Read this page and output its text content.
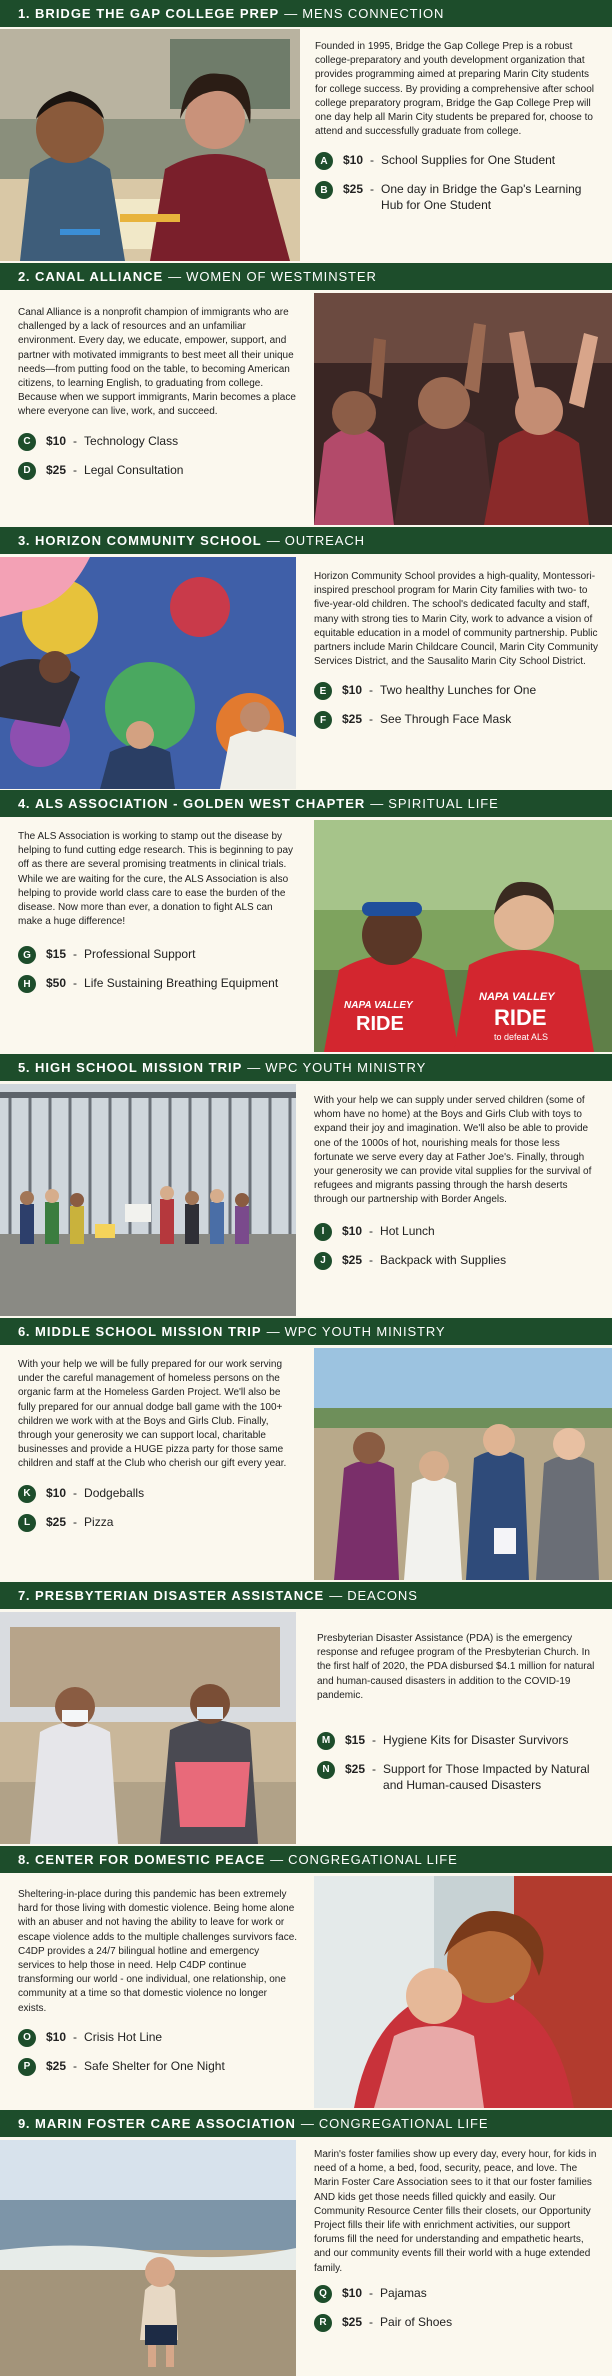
1. BRIDGE THE GAP COLLEGE PREP — MENS CONNECTION

Founded in 1995, Bridge the Gap College Prep is a robust college-preparatory and youth development organization that provides programming aimed at preparing Marin City students for college success. By providing a comprehensive after school college preparatory program, Bridge the Gap College Prep will one day help all Marin City students be prepared for, choose to attend and successfully graduate from college.

A	$10 - School Supplies for One Student
B	$25 - One day in Bridge the Gap's Learning Hub for One Student
2. CANAL ALLIANCE — WOMEN OF WESTMINSTER

Canal Alliance is a nonprofit champion of immigrants who are challenged by a lack of resources and an unfamiliar environment. Every day, we educate, empower, support, and partner with motivated immigrants to best meet all their unique needs—from putting food on the table, to becoming American citizens, to learning English, to graduating from college. Because when we support immigrants, Marin becomes a place where everyone can live, work, and succeed.

C	$10 - Technology Class
D	$25 - Legal Consultation
3. HORIZON COMMUNITY SCHOOL — OUTREACH

Horizon Community School provides a high-quality, Montessori-inspired preschool program for Marin City families with two- to five-year-old children. The school's dedicated faculty and staff, many with strong ties to Marin City, work to advance a vision of equitable education in a model of community partnership. Public partners include Marin Childcare Council, Marin City Community Services District, and the Sausalito Marin City School District.

E	$10 - Two healthy Lunches for One
F	$25 - See Through Face Mask
4. ALS ASSOCIATION - GOLDEN WEST CHAPTER — SPIRITUAL LIFE

The ALS Association is working to stamp out the disease by helping to fund cutting edge research. This is beginning to pay off as there are several promising treatments in clinical trials. While we are waiting for the cure, the ALS Association is also helping to provide world class care to ease the burden of the disease. Now more than ever, a donation to fight ALS can make a huge difference!

G	$15 - Professional Support
H	$50 - Life Sustaining Breathing Equipment
NAPA VALLEY
RIDE
NAPA VALLEY
RIDE
to defeat ALS
5. HIGH SCHOOL MISSION TRIP — WPC YOUTH MINISTRY

With your help we can supply under served children (some of whom have no home) at the Boys and Girls Club with toys to expand their joy and imagination. We'll also be able to provide one of the 1000s of hot, nourishing meals for those less fortunate we serve every day at Father Joe's. Finally, through your generosity we can provide vital supplies for the survival of refugees and migrants passing through the harsh deserts through our partnership with Border Angels.

I	$10 - Hot Lunch
J	$25 - Backpack with Supplies
6. MIDDLE SCHOOL MISSION TRIP — WPC YOUTH MINISTRY

With your help we will be fully prepared for our work serving under the careful management of homeless persons on the organic farm at the Homeless Garden Project. We'll also be fully prepared for our annual dodge ball game with the 100+ children we work with at the Boys and Girls Club. Finally, through your generosity we can support local, charitable businesses and provide a HUGE pizza party for those same children and staff at the Club who cherish our gift every year.

K	$10 - Dodgeballs
L	$25 - Pizza
7. PRESBYTERIAN DISASTER ASSISTANCE — DEACONS

Presbyterian Disaster Assistance (PDA) is the emergency response and refugee program of the Presbyterian Church. In the first half of 2020, the PDA disbursed $4.1 million for natural and human-caused disasters in addition to the COVID-19 pandemic.

M	$15 - Hygiene Kits for Disaster Survivors
N	$25 - Support for Those Impacted by Natural and Human-caused Disasters
8. CENTER FOR DOMESTIC PEACE — CONGREGATIONAL LIFE

Sheltering-in-place during this pandemic has been extremely hard for those living with domestic violence. Being home alone with an abuser and not having the ability to leave for work or escape violence adds to the multiple challenges survivors face. C4DP provides a 24/7 bilingual hotline and emergency services to help those in need. Help C4DP continue transforming our world - one individual, one relationship, one community at a time so that domestic violence no longer exists.

O	$10 - Crisis Hot Line
P	$25 - Safe Shelter for One Night
9. MARIN FOSTER CARE ASSOCIATION — CONGREGATIONAL LIFE

Marin's foster families show up every day, every hour, for kids in need of a home, a bed, food, security, peace, and love. The Marin Foster Care Association sees to it that our foster families AND kids get those needs filled quickly and easily. Our Community Resource Center fills their closets, our Opportunity Project fills their life with enrichment activities, our support forums fill the need for understanding and empathetic hearts, and our community events fill their world with a huge extended family.

Q	$10 - Pajamas
R	$25 - Pair of Shoes
